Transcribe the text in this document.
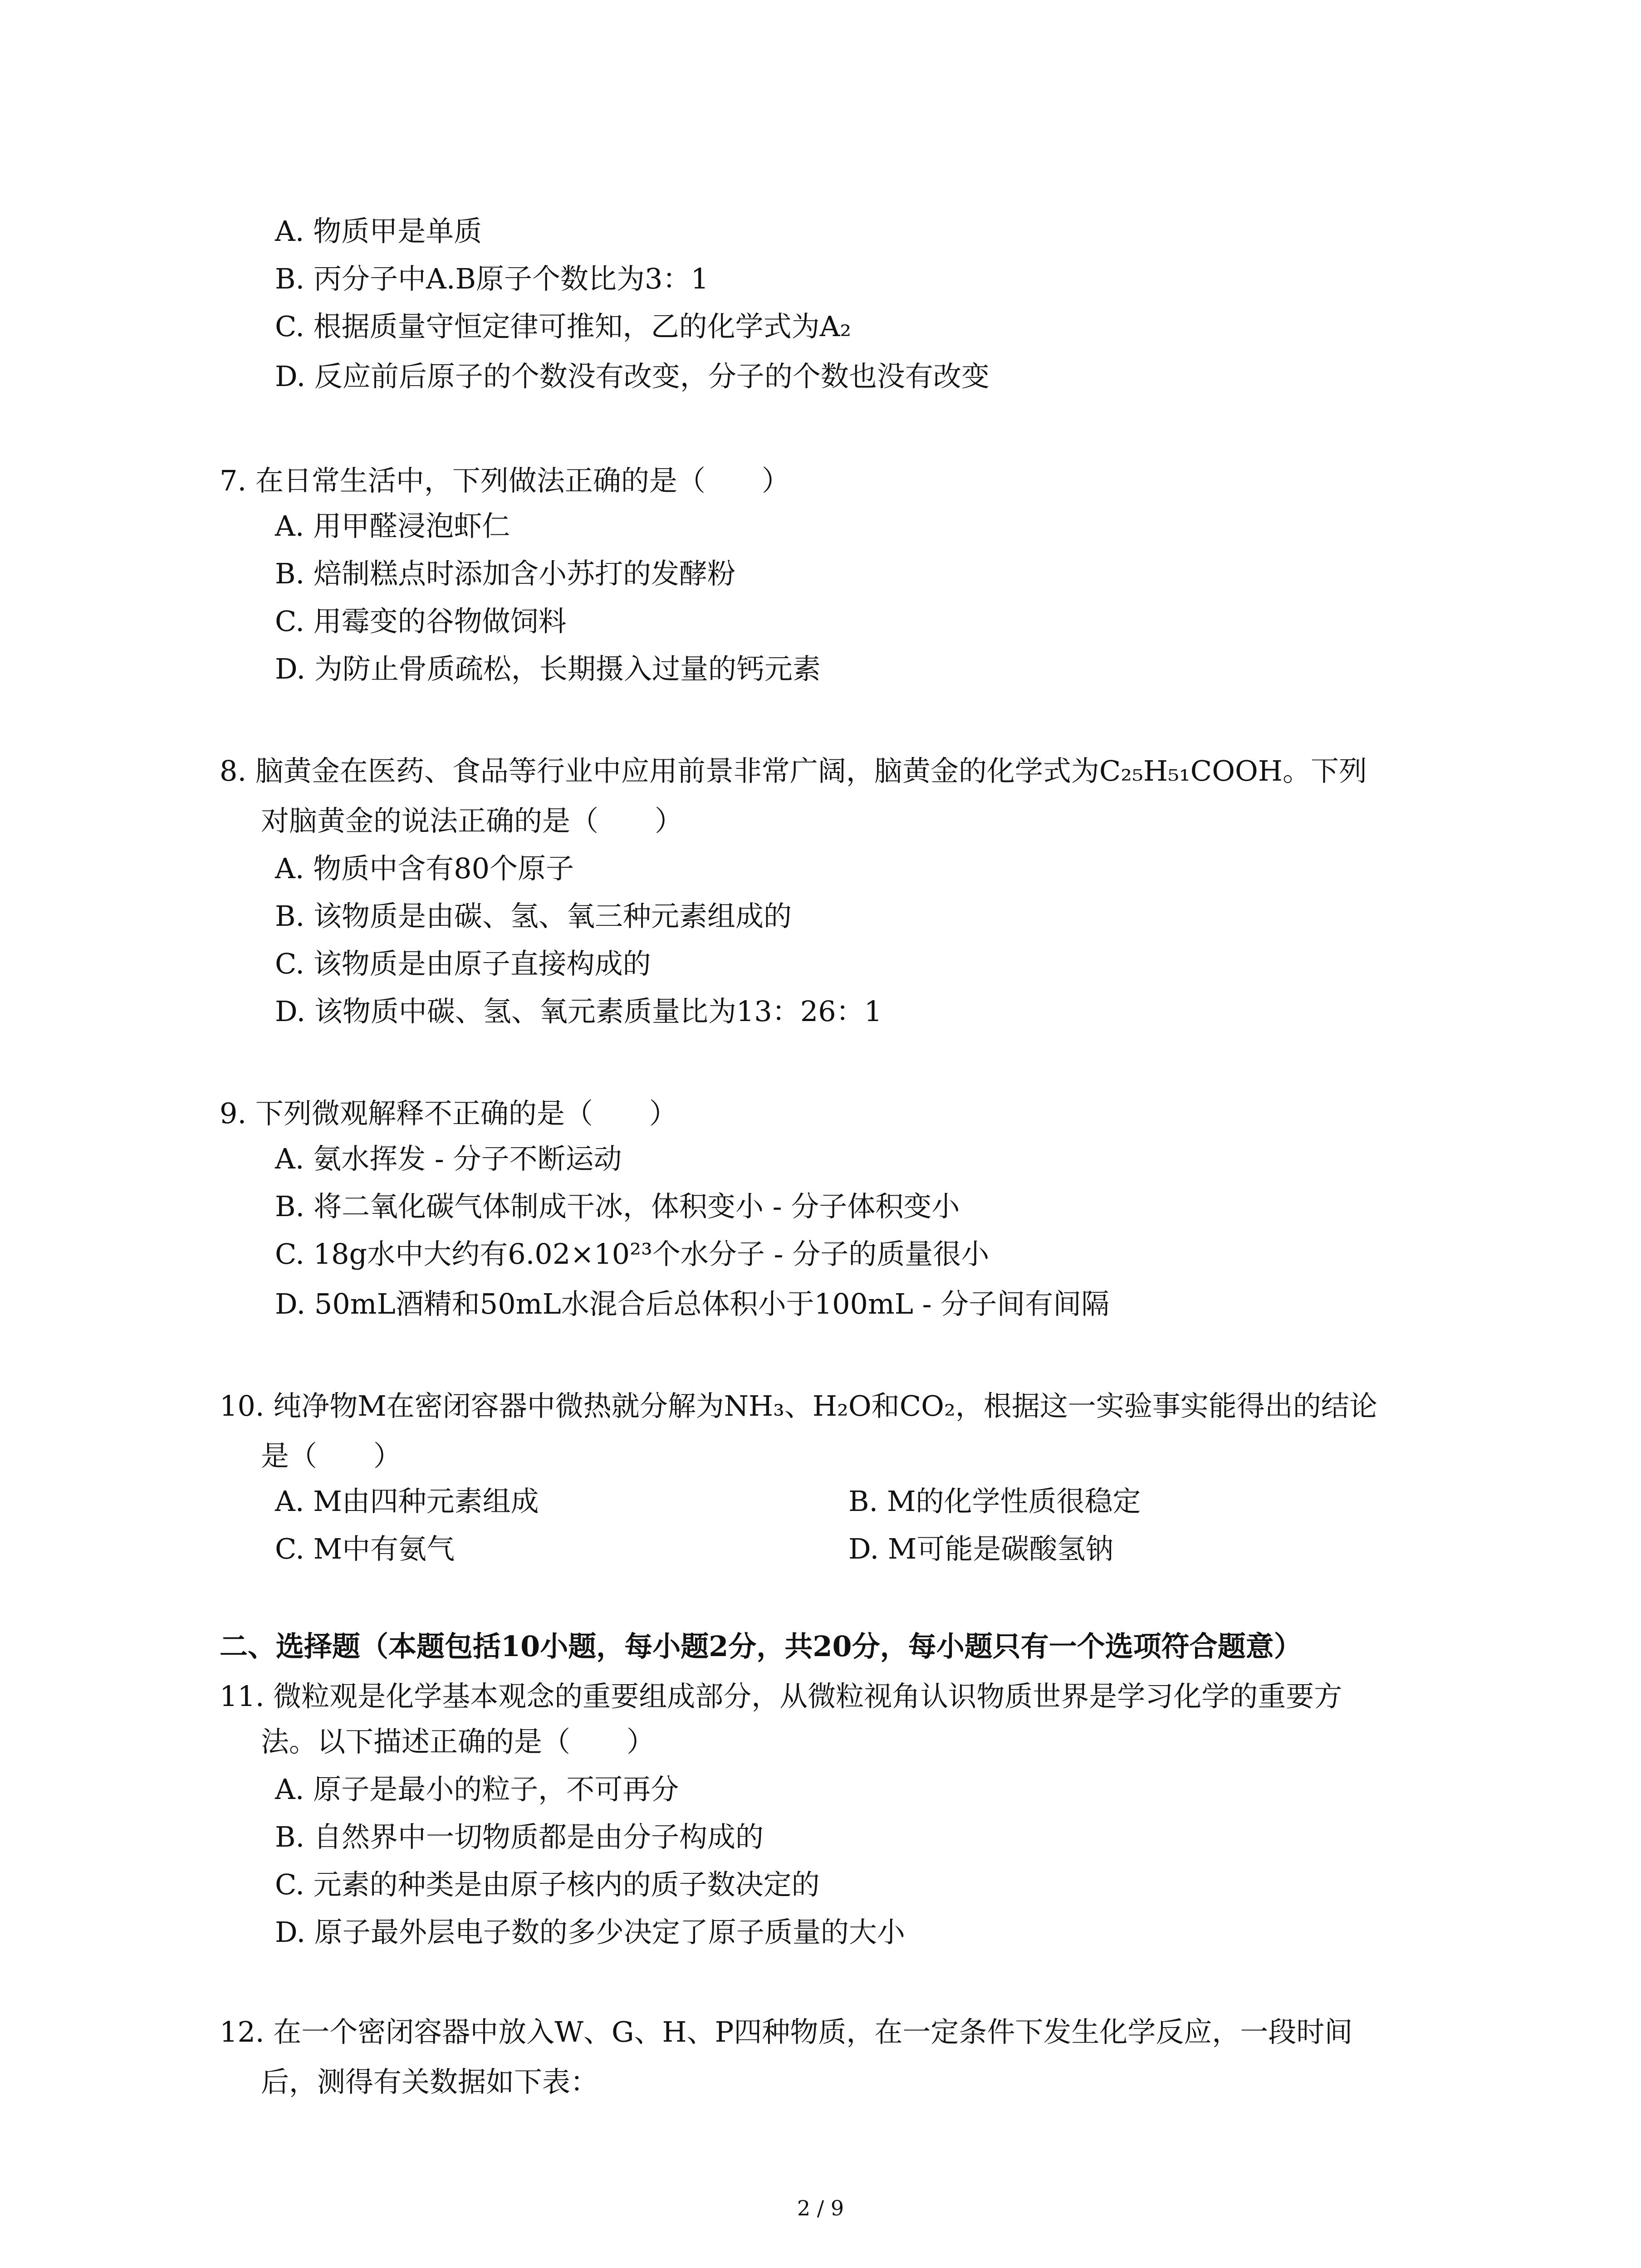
A. 物质甲是单质
B. 丙分子中A.B原子个数比为3：1
C. 根据质量守恒定律可推知，乙的化学式为A₂
D. 反应前后原子的个数没有改变，分子的个数也没有改变
7. 在日常生活中，下列做法正确的是（　　）
A. 用甲醛浸泡虾仁
B. 焙制糕点时添加含小苏打的发酵粉
C. 用霉变的谷物做饲料
D. 为防止骨质疏松，长期摄入过量的钙元素
8. 脑黄金在医药、食品等行业中应用前景非常广阔，脑黄金的化学式为C₂₅H₅₁COOH。下列
对脑黄金的说法正确的是（　　）
A. 物质中含有80个原子
B. 该物质是由碳、氢、氧三种元素组成的
C. 该物质是由原子直接构成的
D. 该物质中碳、氢、氧元素质量比为13：26：1
9. 下列微观解释不正确的是（　　）
A. 氨水挥发 - 分子不断运动
B. 将二氧化碳气体制成干冰，体积变小 - 分子体积变小
C. 18g水中大约有6.02×10²³个水分子 - 分子的质量很小
D. 50mL酒精和50mL水混合后总体积小于100mL - 分子间有间隔
10. 纯净物M在密闭容器中微热就分解为NH₃、H₂O和CO₂，根据这一实验事实能得出的结论
是（　　）
A. M由四种元素组成	B. M的化学性质很稳定
C. M中有氨气	D. M可能是碳酸氢钠
二、选择题（本题包括10小题，每小题2分，共20分，每小题只有一个选项符合题意）
11. 微粒观是化学基本观念的重要组成部分，从微粒视角认识物质世界是学习化学的重要方
法。以下描述正确的是（　　）
A. 原子是最小的粒子，不可再分
B. 自然界中一切物质都是由分子构成的
C. 元素的种类是由原子核内的质子数决定的
D. 原子最外层电子数的多少决定了原子质量的大小
12. 在一个密闭容器中放入W、G、H、P四种物质，在一定条件下发生化学反应，一段时间
后，测得有关数据如下表：
2 / 9
